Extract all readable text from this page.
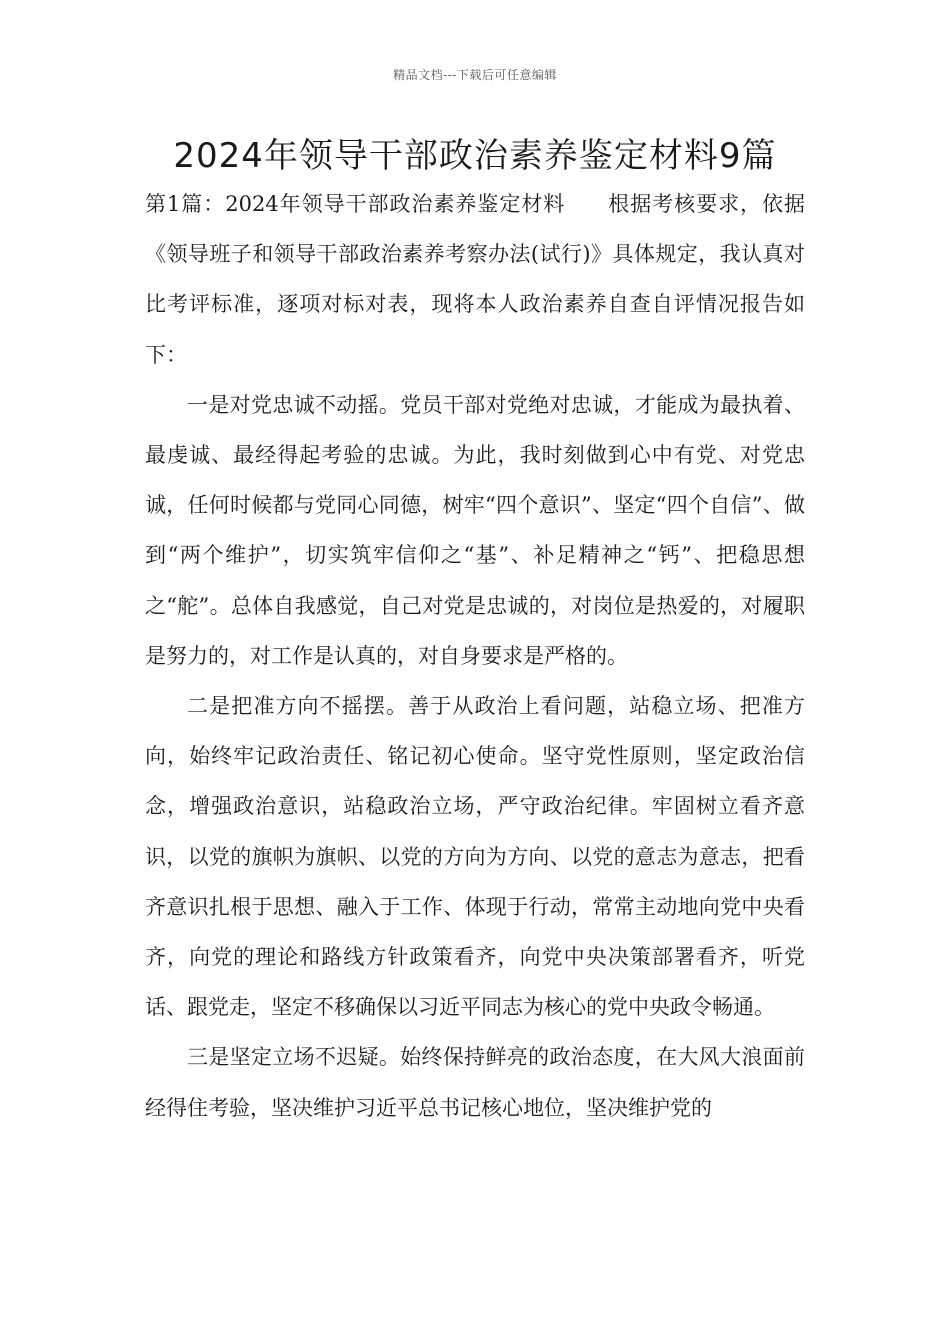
精品文档---下载后可任意编辑
2024年领导干部政治素养鉴定材料9篇

第1篇：2024年领导干部政治素养鉴定材料 根据考核要求，依据《领导班子和领导干部政治素养考察办法(试行)》具体规定，我认真对比考评标准，逐项对标对表，现将本人政治素养自查自评情况报告如下：

一是对党忠诚不动摇。党员干部对党绝对忠诚，才能成为最执着、最虔诚、最经得起考验的忠诚。为此，我时刻做到心中有党、对党忠诚，任何时候都与党同心同德，树牢“四个意识”、坚定“四个自信”、做到“两个维护”，切实筑牢信仰之“基”、补足精神之“钙”、把稳思想之“舵”。总体自我感觉，自己对党是忠诚的，对岗位是热爱的，对履职是努力的，对工作是认真的，对自身要求是严格的。

二是把准方向不摇摆。善于从政治上看问题，站稳立场、把准方向，始终牢记政治责任、铭记初心使命。坚守党性原则，坚定政治信念，增强政治意识，站稳政治立场，严守政治纪律。牢固树立看齐意识，以党的旗帜为旗帜、以党的方向为方向、以党的意志为意志，把看齐意识扎根于思想、融入于工作、体现于行动，常常主动地向党中央看齐，向党的理论和路线方针政策看齐，向党中央决策部署看齐，听党话、跟党走，坚定不移确保以习近平同志为核心的党中央政令畅通。

三是坚定立场不迟疑。始终保持鲜亮的政治态度，在大风大浪面前经得住考验，坚决维护习近平总书记核心地位，坚决维护党的
